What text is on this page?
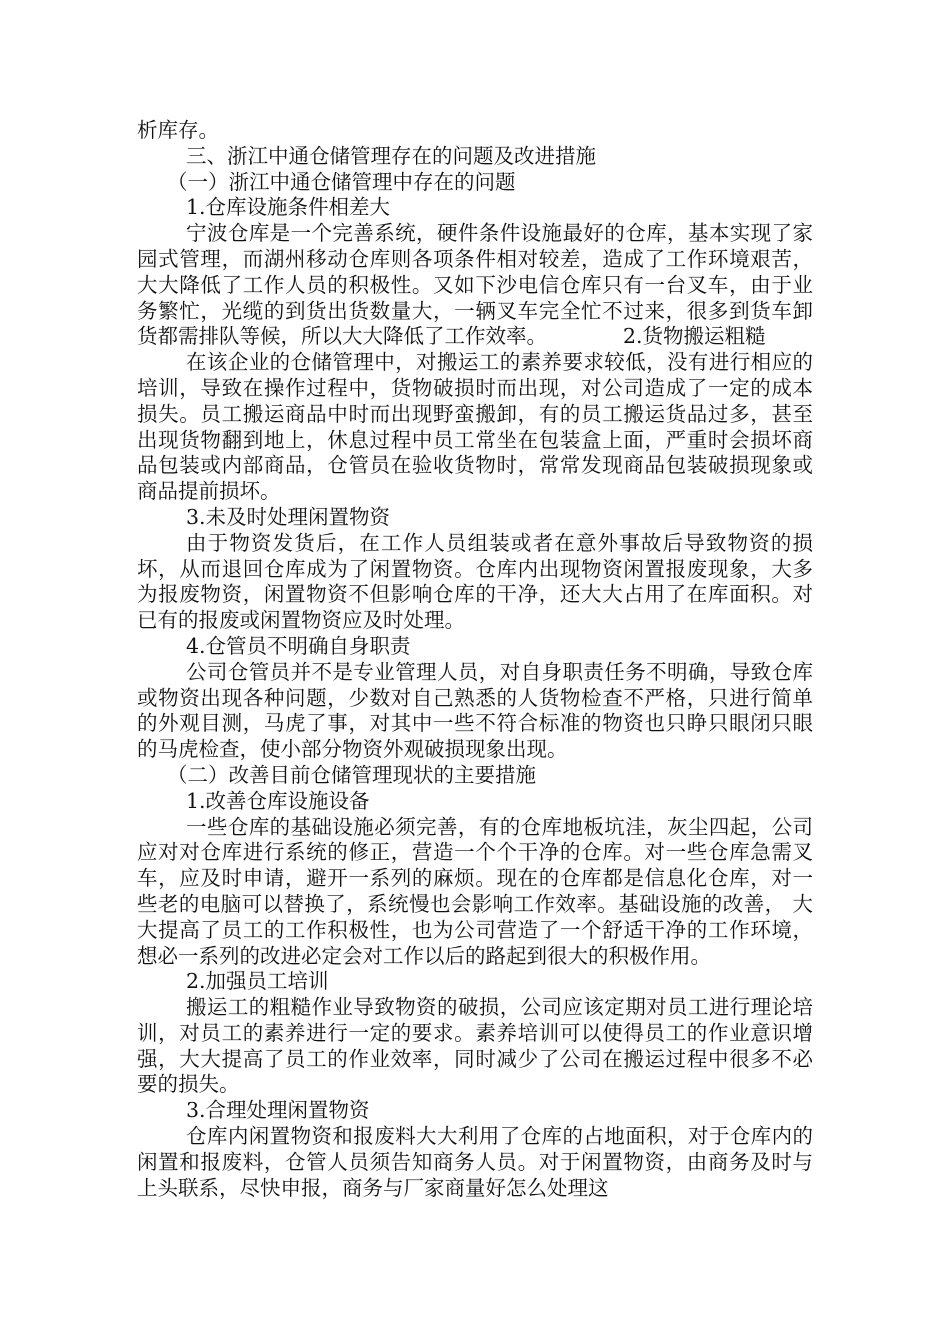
析库存。

三、浙江中通仓储管理存在的问题及改进措施

（一）浙江中通仓储管理中存在的问题

1.仓库设施条件相差大

宁波仓库是一个完善系统，硬件条件设施最好的仓库，基本实现了家园式管理，而湖州移动仓库则各项条件相对较差，造成了工作环境艰苦，大大降低了工作人员的积极性。又如下沙电信仓库只有一台叉车，由于业务繁忙，光缆的到货出货数量大，一辆叉车完全忙不过来，很多到货车卸货都需排队等候，所以大大降低了工作效率。	2.货物搬运粗糙

在该企业的仓储管理中，对搬运工的素养要求较低，没有进行相应的培训，导致在操作过程中，货物破损时而出现，对公司造成了一定的成本损失。员工搬运商品中时而出现野蛮搬卸，有的员工搬运货品过多，甚至出现货物翻到地上，休息过程中员工常坐在包装盒上面，严重时会损坏商品包装或内部商品，仓管员在验收货物时，常常发现商品包装破损现象或商品提前损坏。

3.未及时处理闲置物资

由于物资发货后，在工作人员组装或者在意外事故后导致物资的损坏，从而退回仓库成为了闲置物资。仓库内出现物资闲置报废现象，大多为报废物资，闲置物资不但影响仓库的干净，还大大占用了在库面积。对已有的报废或闲置物资应及时处理。

4.仓管员不明确自身职责

公司仓管员并不是专业管理人员，对自身职责任务不明确，导致仓库或物资出现各种问题，少数对自己熟悉的人货物检查不严格，只进行简单的外观目测，马虎了事，对其中一些不符合标准的物资也只睁只眼闭只眼的马虎检查，使小部分物资外观破损现象出现。

（二）改善目前仓储管理现状的主要措施

1.改善仓库设施设备

一些仓库的基础设施必须完善，有的仓库地板坑洼，灰尘四起，公司应对对仓库进行系统的修正，营造一个个干净的仓库。对一些仓库急需叉车，应及时申请，避开一系列的麻烦。现在的仓库都是信息化仓库，对一些老的电脑可以替换了，系统慢也会影响工作效率。基础设施的改善， 大大提高了员工的工作积极性，也为公司营造了一个舒适干净的工作环境，想必一系列的改进必定会对工作以后的路起到很大的积极作用。

2.加强员工培训

搬运工的粗糙作业导致物资的破损，公司应该定期对员工进行理论培训，对员工的素养进行一定的要求。素养培训可以使得员工的作业意识增强，大大提高了员工的作业效率，同时减少了公司在搬运过程中很多不必要的损失。

3.合理处理闲置物资

仓库内闲置物资和报废料大大利用了仓库的占地面积，对于仓库内的闲置和报废料，仓管人员须告知商务人员。对于闲置物资，由商务及时与上头联系，尽快申报，商务与厂家商量好怎么处理这
